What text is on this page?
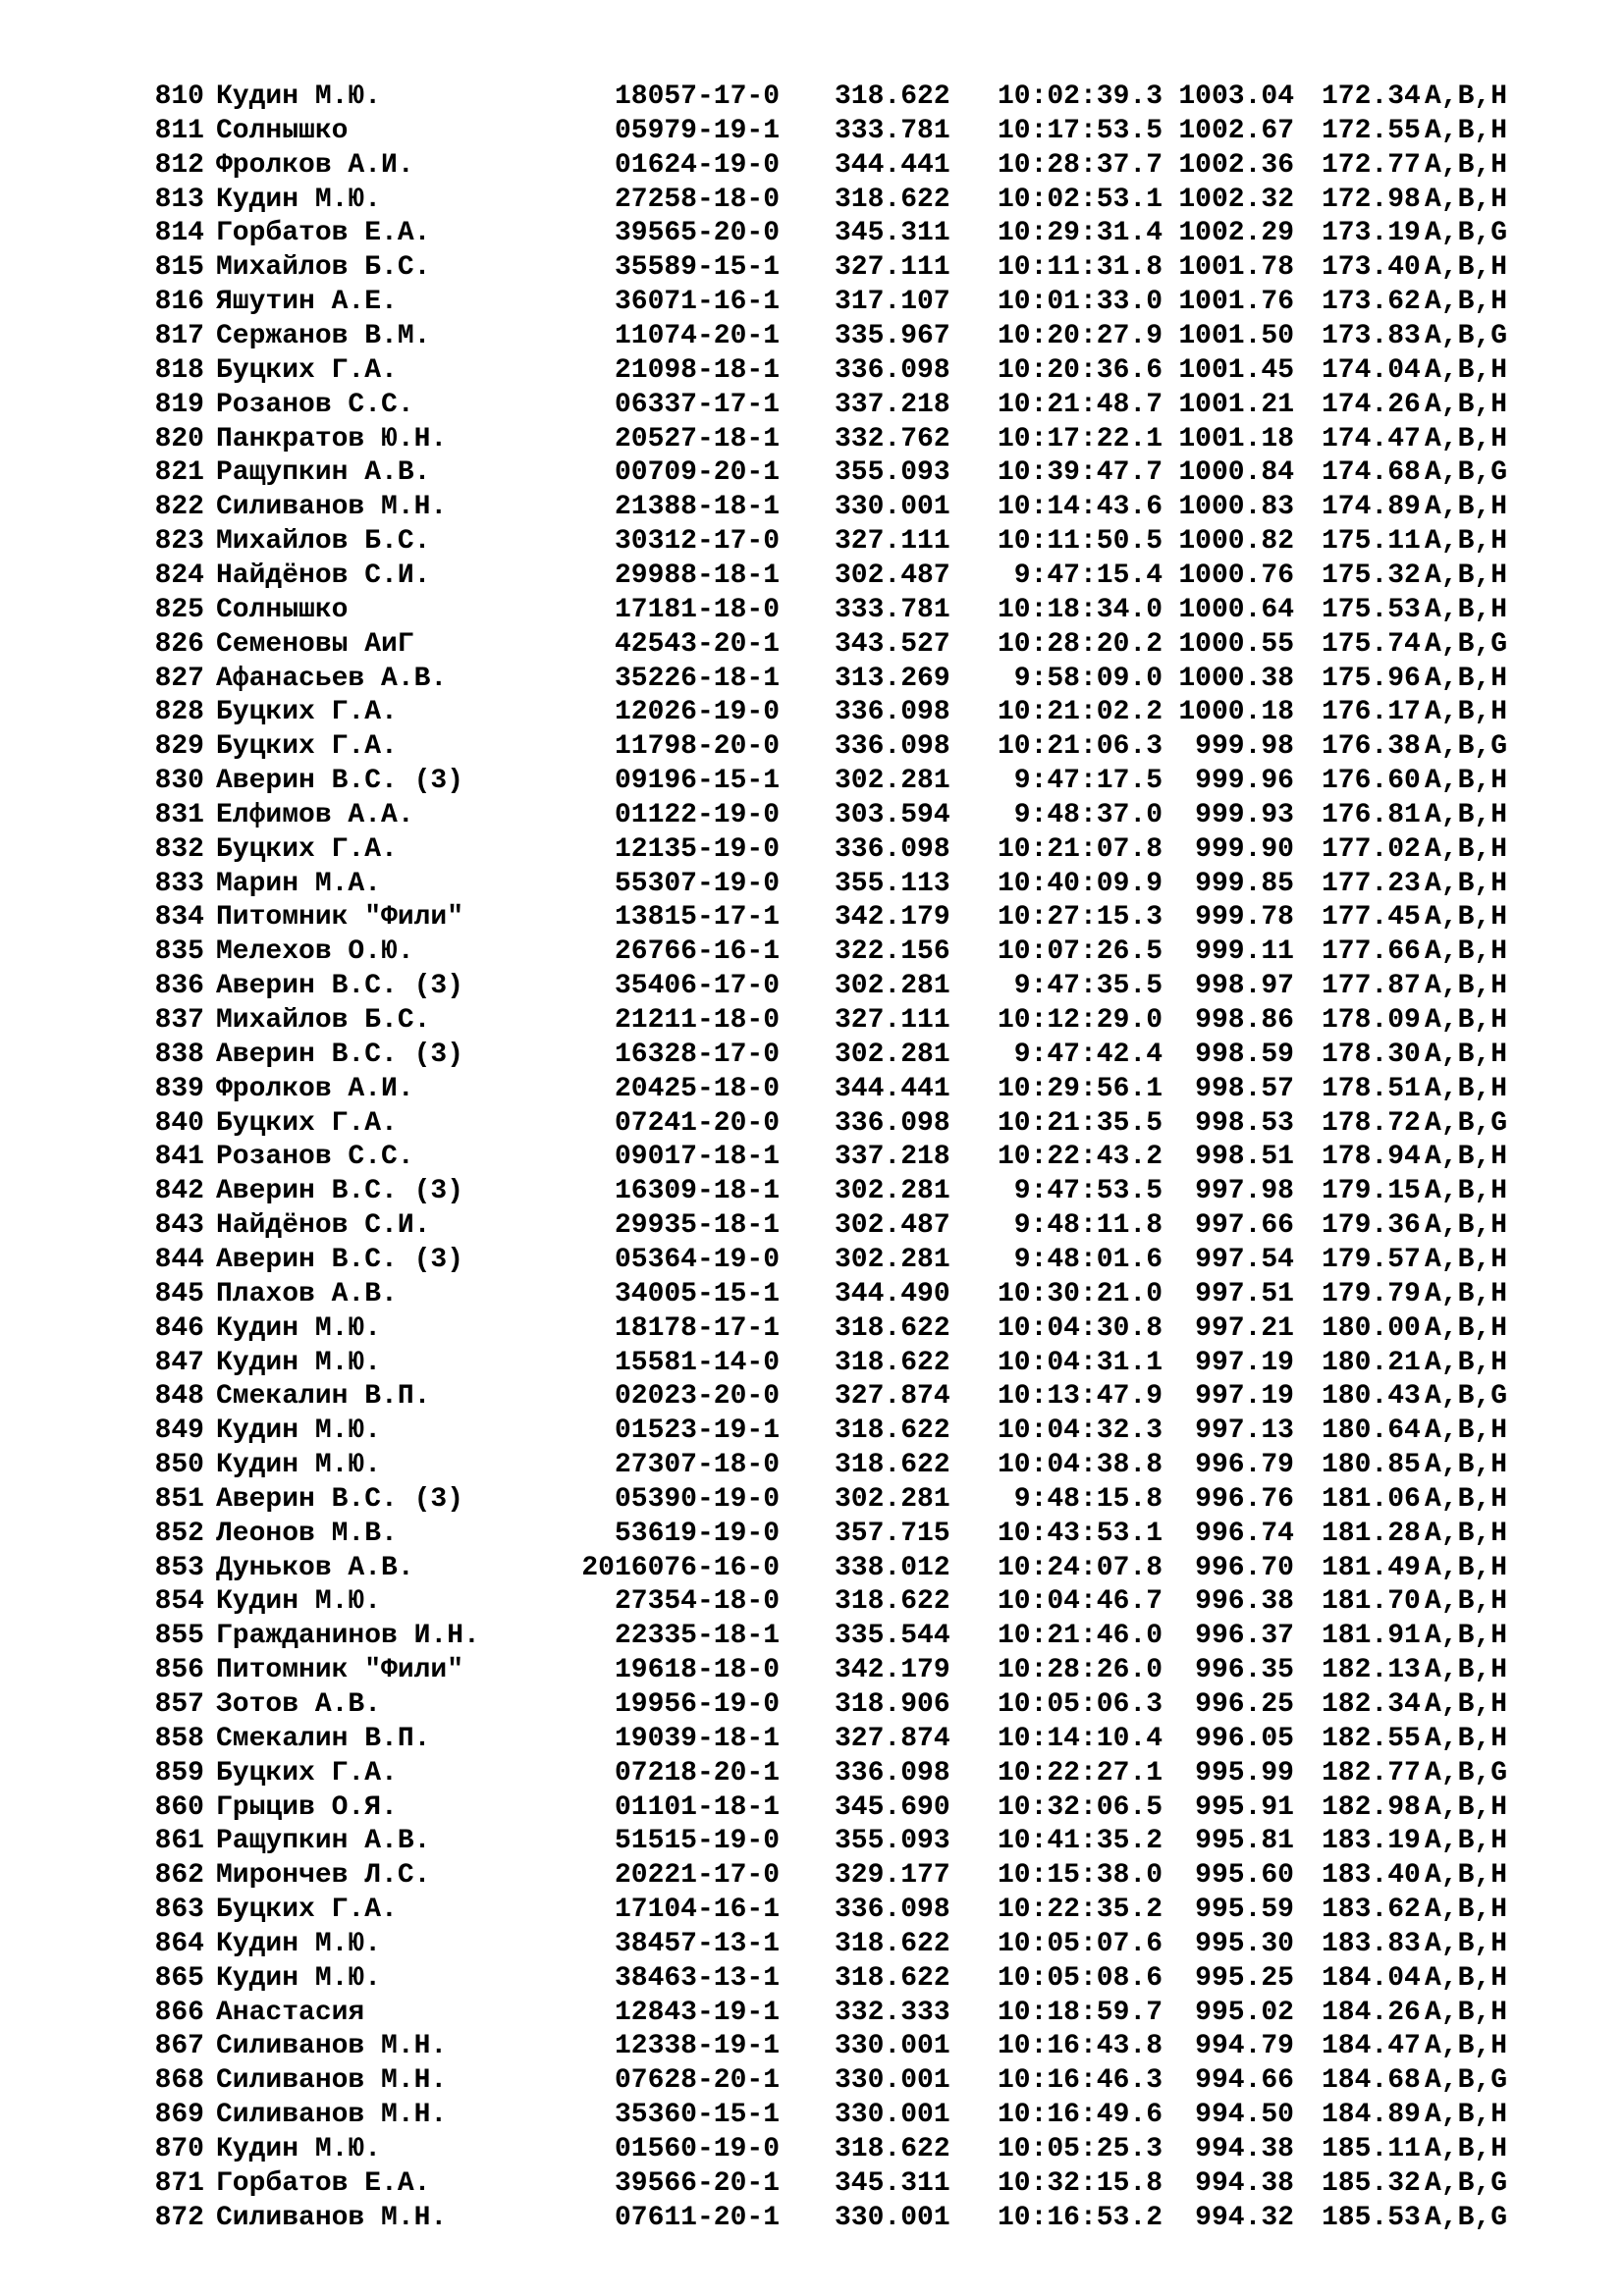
810 Кудин М.Ю.	18057-17-0 318.622	10:02:39.3 1003.04 172.34 A,B,H
811 Солнышко	05979-19-1 333.781	10:17:53.5 1002.67 172.55 A,B,H
812 Фролков А.И.	01624-19-0 344.441	10:28:37.7 1002.36 172.77 A,B,H
813 Кудин М.Ю.	27258-18-0 318.622	10:02:53.1 1002.32 172.98 A,B,H
814 Горбатов Е.А.	39565-20-0 345.311	10:29:31.4 1002.29 173.19 A,B,G
815 Михайлов Б.С.	35589-15-1 327.111	10:11:31.8 1001.78 173.40 A,B,H
816 Яшутин А.Е.	36071-16-1 317.107	10:01:33.0 1001.76 173.62 A,B,H
817 Сержанов В.М.	11074-20-1 335.967	10:20:27.9 1001.50 173.83 A,B,G
818 Буцких Г.А.	21098-18-1 336.098	10:20:36.6 1001.45 174.04 A,B,H
819 Розанов С.С.	06337-17-1 337.218	10:21:48.7 1001.21 174.26 A,B,H
820 Панкратов Ю.Н.	20527-18-1 332.762	10:17:22.1 1001.18 174.47 A,B,H
821 Ращупкин А.В.	00709-20-1 355.093	10:39:47.7 1000.84 174.68 A,B,G
822 Силиванов М.Н.	21388-18-1 330.001	10:14:43.6 1000.83 174.89 A,B,H
823 Михайлов Б.С.	30312-17-0 327.111	10:11:50.5 1000.82 175.11 A,B,H
824 Найдёнов С.И.	29988-18-1 302.487	9:47:15.4 1000.76 175.32 A,B,H
825 Солнышко	17181-18-0 333.781	10:18:34.0 1000.64 175.53 A,B,H
826 Семеновы АиГ	42543-20-1 343.527	10:28:20.2 1000.55 175.74 A,B,G
827 Афанасьев А.В.	35226-18-1 313.269	9:58:09.0 1000.38 175.96 A,B,H
828 Буцких Г.А.	12026-19-0 336.098	10:21:02.2 1000.18 176.17 A,B,H
829 Буцких Г.А.	11798-20-0 336.098	10:21:06.3	999.98 176.38 A,B,G
830 Аверин В.С. (3)	09196-15-1 302.281	9:47:17.5	999.96 176.60 A,B,H
831 Елфимов А.А.	01122-19-0 303.594	9:48:37.0	999.93 176.81 A,B,H
832 Буцких Г.А.	12135-19-0 336.098	10:21:07.8	999.90 177.02 A,B,H
833 Марин М.А.	55307-19-0 355.113	10:40:09.9	999.85 177.23 A,B,H
834 Питомник "Фили"	13815-17-1 342.179	10:27:15.3	999.78 177.45 A,B,H
835 Мелехов О.Ю.	26766-16-1 322.156	10:07:26.5	999.11 177.66 A,B,H
836 Аверин В.С. (3)	35406-17-0 302.281	9:47:35.5	998.97 177.87 A,B,H
837 Михайлов Б.С.	21211-18-0 327.111	10:12:29.0	998.86 178.09 A,B,H
838 Аверин В.С. (3)	16328-17-0 302.281	9:47:42.4	998.59 178.30 A,B,H
839 Фролков А.И.	20425-18-0 344.441	10:29:56.1	998.57 178.51 A,B,H
840 Буцких Г.А.	07241-20-0 336.098	10:21:35.5	998.53 178.72 A,B,G
841 Розанов С.С.	09017-18-1 337.218	10:22:43.2	998.51 178.94 A,B,H
842 Аверин В.С. (3)	16309-18-1 302.281	9:47:53.5	997.98 179.15 A,B,H
843 Найдёнов С.И.	29935-18-1 302.487	9:48:11.8	997.66 179.36 A,B,H
844 Аверин В.С. (3)	05364-19-0 302.281	9:48:01.6	997.54 179.57 A,B,H
845 Плахов А.В.	34005-15-1 344.490	10:30:21.0	997.51 179.79 A,B,H
846 Кудин М.Ю.	18178-17-1 318.622	10:04:30.8	997.21 180.00 A,B,H
847 Кудин М.Ю.	15581-14-0 318.622	10:04:31.1	997.19 180.21 A,B,H
848 Смекалин В.П.	02023-20-0 327.874	10:13:47.9	997.19 180.43 A,B,G
849 Кудин М.Ю.	01523-19-1 318.622	10:04:32.3	997.13 180.64 A,B,H
850 Кудин М.Ю.	27307-18-0 318.622	10:04:38.8	996.79 180.85 A,B,H
851 Аверин В.С. (3)	05390-19-0 302.281	9:48:15.8	996.76 181.06 A,B,H
852 Леонов М.В.	53619-19-0 357.715	10:43:53.1	996.74 181.28 A,B,H
853 Дуньков А.В.	2016076-16-0 338.012	10:24:07.8	996.70 181.49 A,B,H
854 Кудин М.Ю.	27354-18-0 318.622	10:04:46.7	996.38 181.70 A,B,H
855 Гражданинов И.Н.	22335-18-1 335.544	10:21:46.0	996.37 181.91 A,B,H
856 Питомник "Фили"	19618-18-0 342.179	10:28:26.0	996.35 182.13 A,B,H
857 Зотов А.В.	19956-19-0 318.906	10:05:06.3	996.25 182.34 A,B,H
858 Смекалин В.П.	19039-18-1 327.874	10:14:10.4	996.05 182.55 A,B,H
859 Буцких Г.А.	07218-20-1 336.098	10:22:27.1	995.99 182.77 A,B,G
860 Грыцив О.Я.	01101-18-1 345.690	10:32:06.5	995.91 182.98 A,B,H
861 Ращупкин А.В.	51515-19-0 355.093	10:41:35.2	995.81 183.19 A,B,H
862 Мирончев Л.С.	20221-17-0 329.177	10:15:38.0	995.60 183.40 A,B,H
863 Буцких Г.А.	17104-16-1 336.098	10:22:35.2	995.59 183.62 A,B,H
864 Кудин М.Ю.	38457-13-1 318.622	10:05:07.6	995.30 183.83 A,B,H
865 Кудин М.Ю.	38463-13-1 318.622	10:05:08.6	995.25 184.04 A,B,H
866 Анастасия	12843-19-1 332.333	10:18:59.7	995.02 184.26 A,B,H
867 Силиванов М.Н.	12338-19-1 330.001	10:16:43.8	994.79 184.47 A,B,H
868 Силиванов М.Н.	07628-20-1 330.001	10:16:46.3	994.66 184.68 A,B,G
869 Силиванов М.Н.	35360-15-1 330.001	10:16:49.6	994.50 184.89 A,B,H
870 Кудин М.Ю.	01560-19-0 318.622	10:05:25.3	994.38 185.11 A,B,H
871 Горбатов Е.А.	39566-20-1 345.311	10:32:15.8	994.38 185.32 A,B,G
872 Силиванов М.Н.	07611-20-1 330.001	10:16:53.2	994.32 185.53 A,B,G
